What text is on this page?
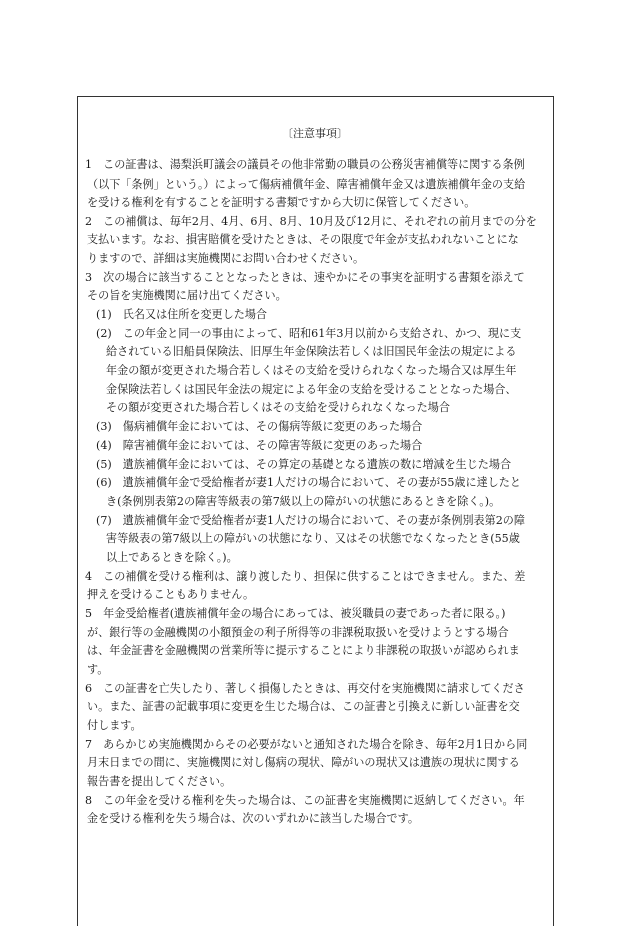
〔注意事項〕
1　この証書は、湯梨浜町議会の議員その他非常勤の職員の公務災害補償等に関する条例
（以下「条例」という。）によって傷病補償年金、障害補償年金又は遺族補償年金の支給
を受ける権利を有することを証明する書類ですから大切に保管してください。
2　この補償は、毎年2月、4月、6月、8月、10月及び12月に、それぞれの前月までの分を
支払います。なお、損害賠償を受けたときは、その限度で年金が支払われないことにな
りますので、詳細は実施機関にお問い合わせください。
3　次の場合に該当することとなったときは、速やかにその事実を証明する書類を添えて
その旨を実施機関に届け出てください。
(1)　氏名又は住所を変更した場合
(2)　この年金と同一の事由によって、昭和61年3月以前から支給され、かつ、現に支
給されている旧船員保険法、旧厚生年金保険法若しくは旧国民年金法の規定による
年金の額が変更された場合若しくはその支給を受けられなくなった場合又は厚生年
金保険法若しくは国民年金法の規定による年金の支給を受けることとなった場合、
その額が変更された場合若しくはその支給を受けられなくなった場合
(3)　傷病補償年金においては、その傷病等級に変更のあった場合
(4)　障害補償年金においては、その障害等級に変更のあった場合
(5)　遺族補償年金においては、その算定の基礎となる遺族の数に増減を生じた場合
(6)　遺族補償年金で受給権者が妻1人だけの場合において、その妻が55歳に達したと
き(条例別表第2の障害等級表の第7級以上の障がいの状態にあるときを除く。)。
(7)　遺族補償年金で受給権者が妻1人だけの場合において、その妻が条例別表第2の障
害等級表の第7級以上の障がいの状態になり、又はその状態でなくなったとき(55歳
以上であるときを除く。)。
4　この補償を受ける権利は、譲り渡したり、担保に供することはできません。また、差
押えを受けることもありません。
5　年金受給権者(遺族補償年金の場合にあっては、被災職員の妻であった者に限る。)
が、銀行等の金融機関の小額預金の利子所得等の非課税取扱いを受けようとする場合
は、年金証書を金融機関の営業所等に提示することにより非課税の取扱いが認められま
す。
6　この証書を亡失したり、著しく損傷したときは、再交付を実施機関に請求してくださ
い。また、証書の記載事項に変更を生じた場合は、この証書と引換えに新しい証書を交
付します。
7　あらかじめ実施機関からその必要がないと通知された場合を除き、毎年2月1日から同
月末日までの間に、実施機関に対し傷病の現状、障がいの現状又は遺族の現状に関する
報告書を提出してください。
8　この年金を受ける権利を失った場合は、この証書を実施機関に返納してください。年
金を受ける権利を失う場合は、次のいずれかに該当した場合です。
